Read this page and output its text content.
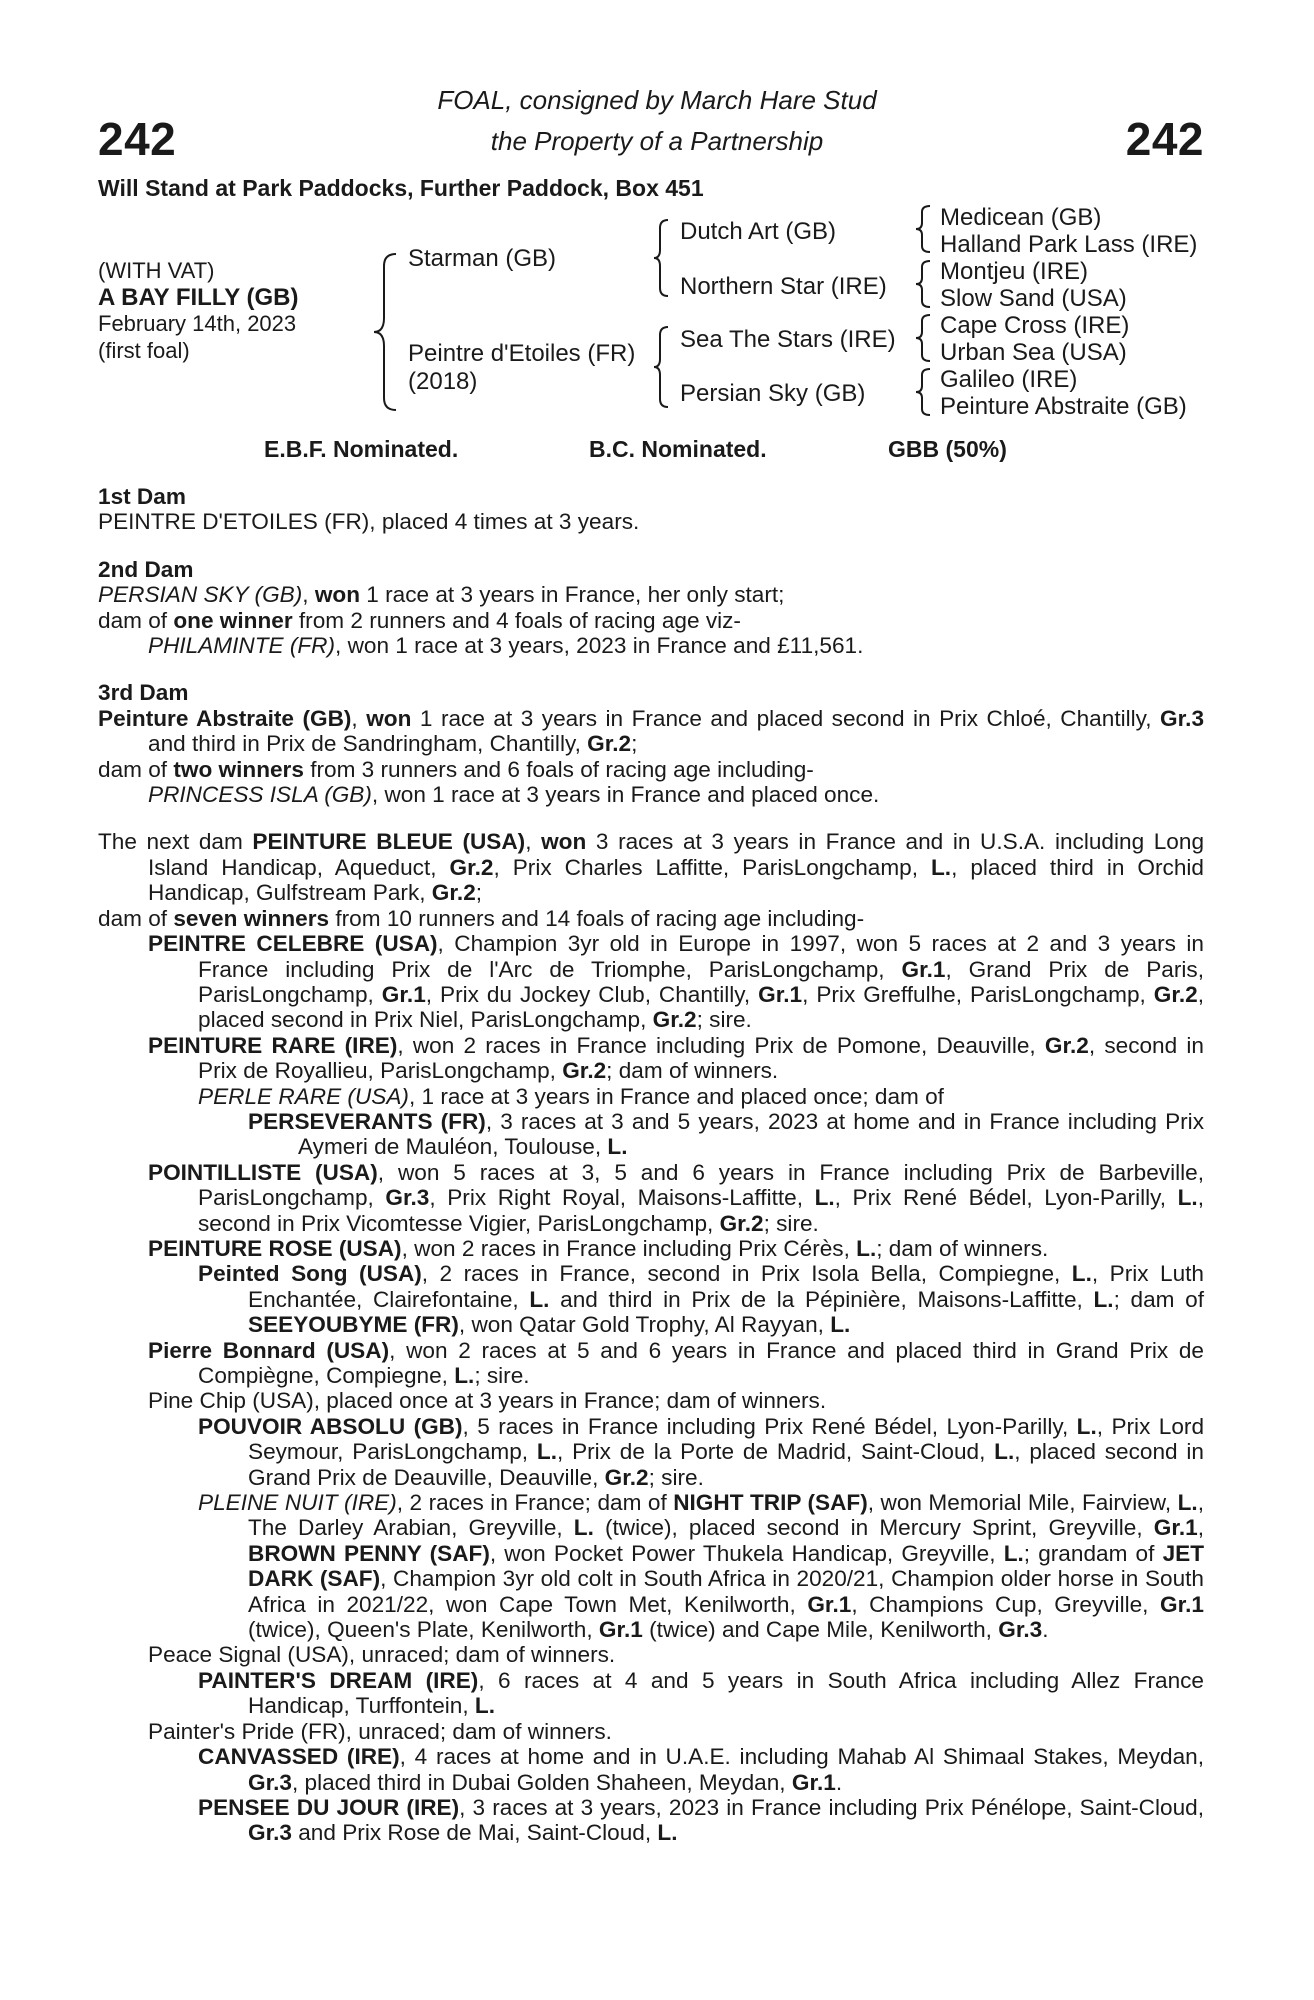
242	242
FOAL, consigned by March Hare Stud
the Property of a Partnership
Will Stand at Park Paddocks, Further Paddock, Box 451
(WITH VAT)
A BAY FILLY (GB)
February 14th, 2023
(first foal)
Starman (GB)
Peintre d'Etoiles (FR)
(2018)
Dutch Art (GB)
Northern Star (IRE)
Sea The Stars (IRE)
Persian Sky (GB)
Medicean (GB)
Halland Park Lass (IRE)
Montjeu (IRE)
Slow Sand (USA)
Cape Cross (IRE)
Urban Sea (USA)
Galileo (IRE)
Peinture Abstraite (GB)
E.B.F. Nominated.	B.C. Nominated.	GBB (50%)
1st Dam
PEINTRE D'ETOILES (FR), placed 4 times at 3 years.
2nd Dam
PERSIAN SKY (GB), won 1 race at 3 years in France, her only start;
dam of one winner from 2 runners and 4 foals of racing age viz-
PHILAMINTE (FR), won 1 race at 3 years, 2023 in France and £11,561.
3rd Dam
Peinture Abstraite (GB), won 1 race at 3 years in France and placed second in Prix Chloé, Chantilly, Gr.3 and third in Prix de Sandringham, Chantilly, Gr.2;
dam of two winners from 3 runners and 6 foals of racing age including-
PRINCESS ISLA (GB), won 1 race at 3 years in France and placed once.
The next dam PEINTURE BLEUE (USA), won 3 races at 3 years in France and in U.S.A. including Long Island Handicap, Aqueduct, Gr.2, Prix Charles Laffitte, ParisLongchamp, L., placed third in Orchid Handicap, Gulfstream Park, Gr.2;
dam of seven winners from 10 runners and 14 foals of racing age including-
PEINTRE CELEBRE (USA), Champion 3yr old in Europe in 1997, won 5 races at 2 and 3 years in France including Prix de l'Arc de Triomphe, ParisLongchamp, Gr.1, Grand Prix de Paris, ParisLongchamp, Gr.1, Prix du Jockey Club, Chantilly, Gr.1, Prix Greffulhe, ParisLongchamp, Gr.2, placed second in Prix Niel, ParisLongchamp, Gr.2; sire.
PEINTURE RARE (IRE), won 2 races in France including Prix de Pomone, Deauville, Gr.2, second in Prix de Royallieu, ParisLongchamp, Gr.2; dam of winners.
PERLE RARE (USA), 1 race at 3 years in France and placed once; dam of
PERSEVERANTS (FR), 3 races at 3 and 5 years, 2023 at home and in France including Prix Aymeri de Mauléon, Toulouse, L.
POINTILLISTE (USA), won 5 races at 3, 5 and 6 years in France including Prix de Barbeville, ParisLongchamp, Gr.3, Prix Right Royal, Maisons-Laffitte, L., Prix René Bédel, Lyon-Parilly, L., second in Prix Vicomtesse Vigier, ParisLongchamp, Gr.2; sire.
PEINTURE ROSE (USA), won 2 races in France including Prix Cérès, L.; dam of winners.
Peinted Song (USA), 2 races in France, second in Prix Isola Bella, Compiegne, L., Prix Luth Enchantée, Clairefontaine, L. and third in Prix de la Pépinière, Maisons-Laffitte, L.; dam of SEEYOUBYME (FR), won Qatar Gold Trophy, Al Rayyan, L.
Pierre Bonnard (USA), won 2 races at 5 and 6 years in France and placed third in Grand Prix de Compiègne, Compiegne, L.; sire.
Pine Chip (USA), placed once at 3 years in France; dam of winners.
POUVOIR ABSOLU (GB), 5 races in France including Prix René Bédel, Lyon-Parilly, L., Prix Lord Seymour, ParisLongchamp, L., Prix de la Porte de Madrid, Saint-Cloud, L., placed second in Grand Prix de Deauville, Deauville, Gr.2; sire.
PLEINE NUIT (IRE), 2 races in France; dam of NIGHT TRIP (SAF), won Memorial Mile, Fairview, L., The Darley Arabian, Greyville, L. (twice), placed second in Mercury Sprint, Greyville, Gr.1, BROWN PENNY (SAF), won Pocket Power Thukela Handicap, Greyville, L.; grandam of JET DARK (SAF), Champion 3yr old colt in South Africa in 2020/21, Champion older horse in South Africa in 2021/22, won Cape Town Met, Kenilworth, Gr.1, Champions Cup, Greyville, Gr.1 (twice), Queen's Plate, Kenilworth, Gr.1 (twice) and Cape Mile, Kenilworth, Gr.3.
Peace Signal (USA), unraced; dam of winners.
PAINTER'S DREAM (IRE), 6 races at 4 and 5 years in South Africa including Allez France Handicap, Turffontein, L.
Painter's Pride (FR), unraced; dam of winners.
CANVASSED (IRE), 4 races at home and in U.A.E. including Mahab Al Shimaal Stakes, Meydan, Gr.3, placed third in Dubai Golden Shaheen, Meydan, Gr.1.
PENSEE DU JOUR (IRE), 3 races at 3 years, 2023 in France including Prix Pénélope, Saint-Cloud, Gr.3 and Prix Rose de Mai, Saint-Cloud, L.
